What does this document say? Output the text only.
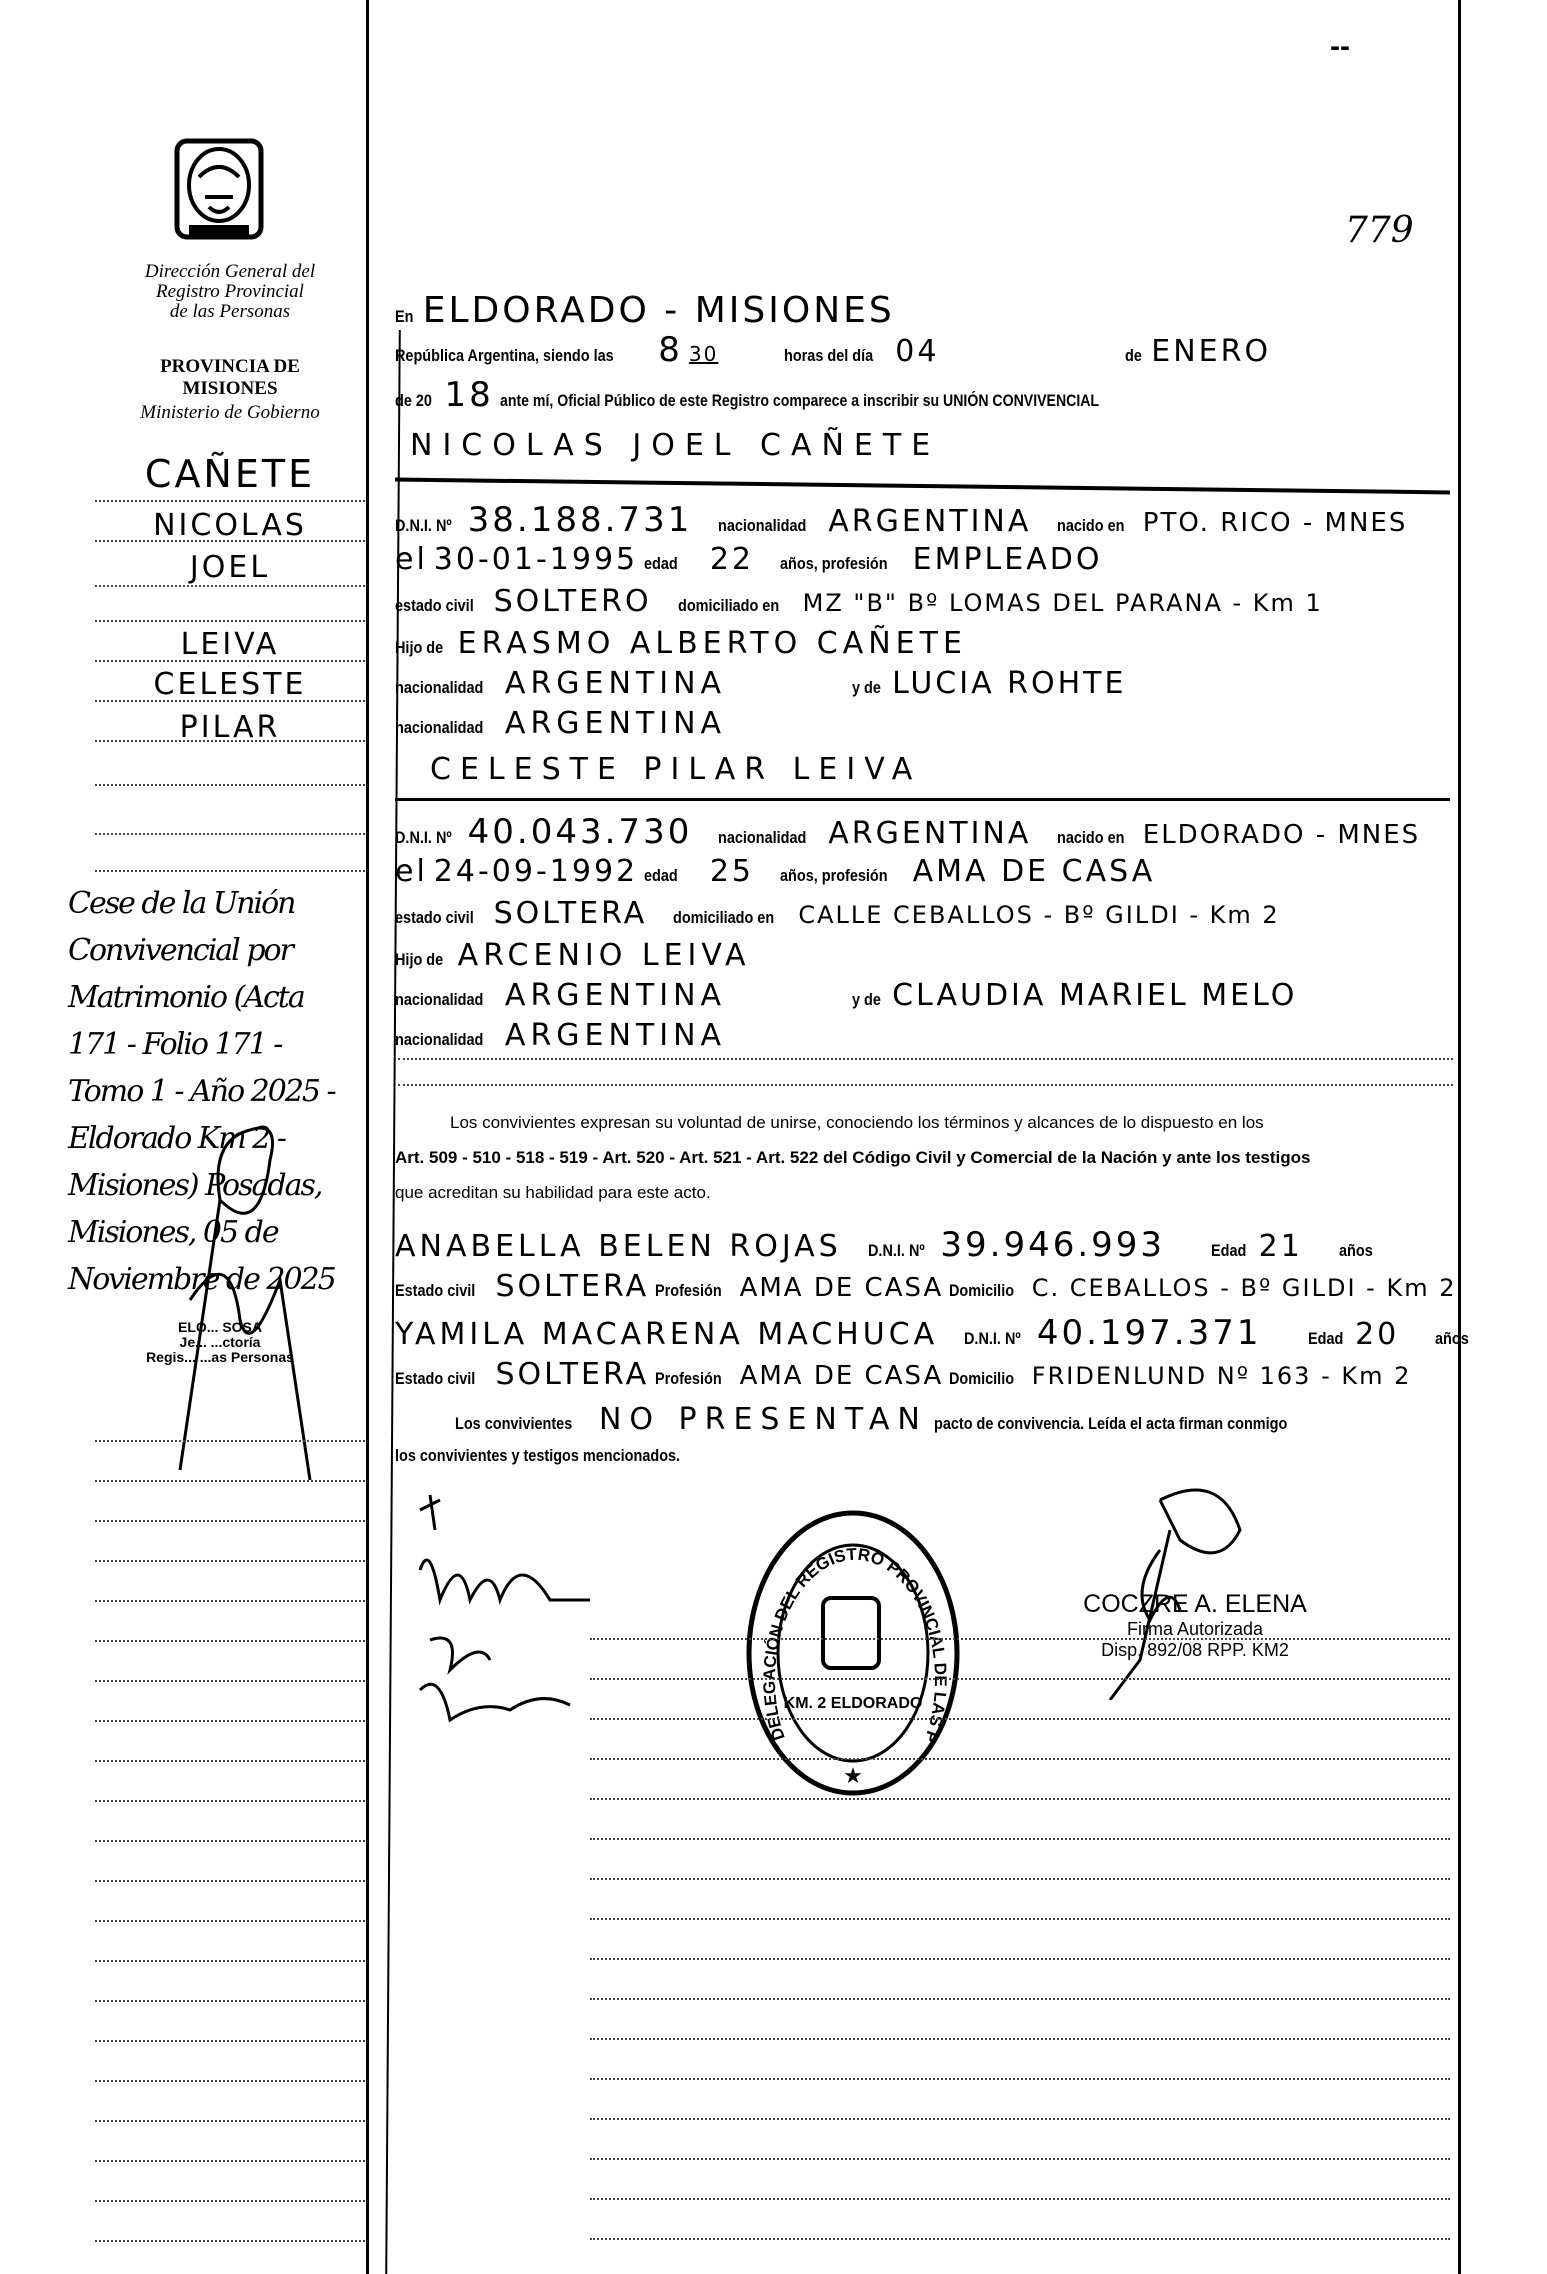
--
779
Dirección General del
Registro Provincial
de las Personas
PROVINCIA DE
MISIONES
Ministerio de Gobierno
CAÑETE
NICOLAS
JOEL
LEIVA
CELESTE
PILAR
Cese de la Unión
Convivencial por
Matrimonio (Acta
171 - Folio 171 -
Tomo 1 - Año 2025 -
Eldorado Km 2 -
Misiones) Posadas,
Misiones, 05 de
Noviembre de 2025
ELO... SOSA
Je... ...ctoría
Regis... ...as Personas
En ELDORADO - MISIONES
República Argentina, siendo las 8 30	horas del día 04	de ENERO
de 20 18 ante mí, Oficial Público de este Registro comparece a inscribir su UNIÓN CONVIVENCIAL
NICOLAS JOEL CAÑETE
CELESTE PILAR LEIVA
Los convivientes expresan su voluntad de unirse, conociendo los términos y alcances de lo dispuesto en los
Art. 509 - 510 - 518 - 519 - Art. 520 - Art. 521 - Art. 522 del Código Civil y Comercial de la Nación y ante los testigos
que acreditan su habilidad para este acto.
Los convivientes NO PRESENTAN pacto de convivencia. Leída el acta firman conmigo
los convivientes y testigos mencionados.
DELEGACIÓN DEL REGISTRO PROVINCIAL DE LAS P
KM. 2 ELDORADO
★
COCZRE A. ELENA
Firma Autorizada
Disp. 892/08 RPP. KM2
D.N.I. Nº 38.188.731 nacionalidad ARGENTINA nacido en PTO. RICO - MNES
el 30-01-1995 edad 22 años, profesión EMPLEADO
estado civil SOLTERO domiciliado en MZ "B" Bº LOMAS DEL PARANA - Km 1
Hijo de ERASMO ALBERTO CAÑETE
nacionalidad ARGENTINA	y de LUCIA ROHTE
nacionalidad ARGENTINA
D.N.I. Nº 40.043.730 nacionalidad ARGENTINA nacido en ELDORADO - MNES
el 24-09-1992 edad 25 años, profesión AMA DE CASA
estado civil SOLTERA domiciliado en CALLE CEBALLOS - Bº GILDI - Km 2
Hijo de ARCENIO LEIVA
nacionalidad ARGENTINA	y de CLAUDIA MARIEL MELO
nacionalidad ARGENTINA
ANABELLA BELEN ROJAS D.N.I. Nº 39.946.993	Edad 21 años
Estado civil SOLTERA Profesión AMA DE CASA Domicilio C. CEBALLOS - Bº GILDI - Km 2
YAMILA MACARENA MACHUCA D.N.I. Nº 40.197.371	Edad 20 años
Estado civil SOLTERA Profesión AMA DE CASA Domicilio FRIDENLUND Nº 163 - Km 2
